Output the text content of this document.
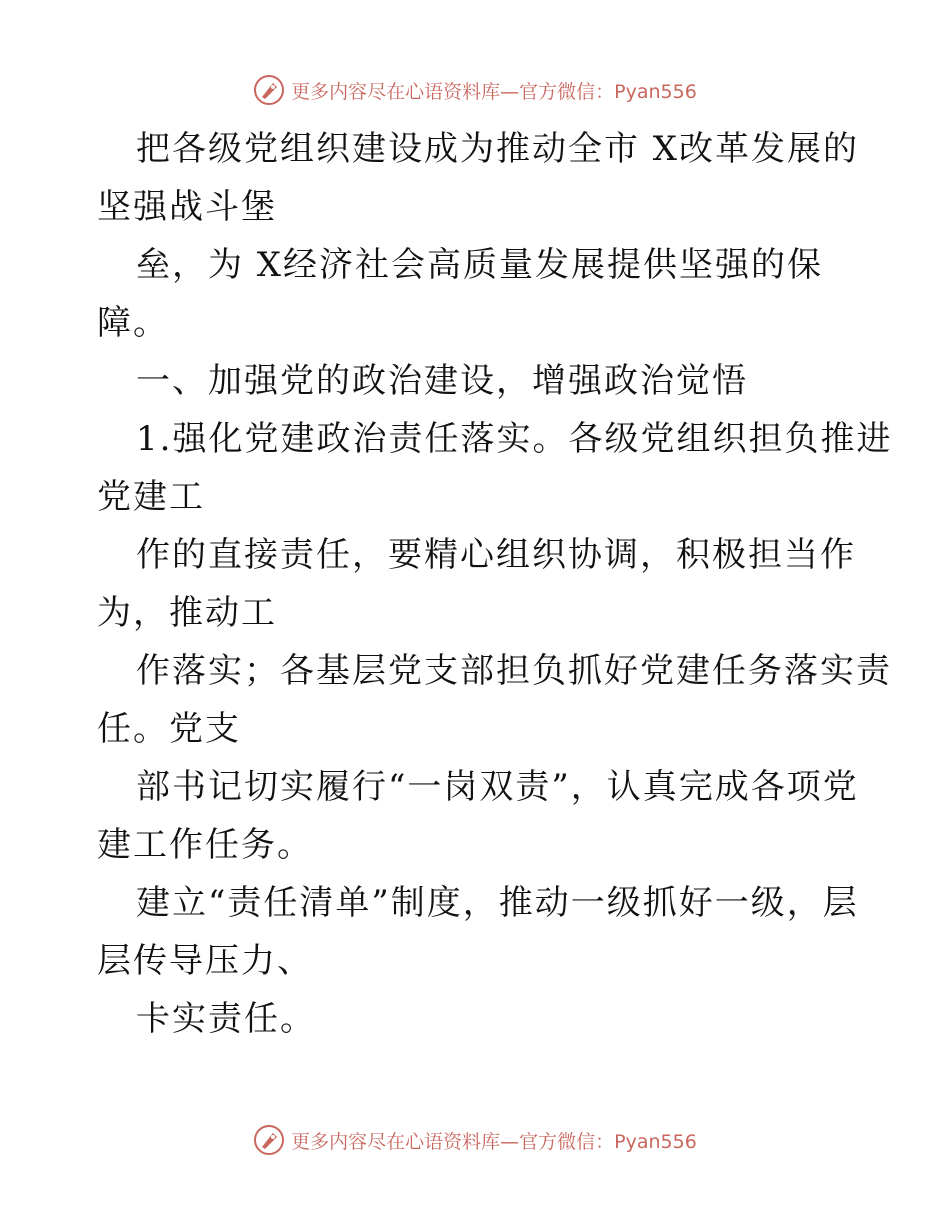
更多内容尽在心语资料库—官方微信：Pyan556
把各级党组织建设成为推动全市 X改革发展的
坚强战斗堡
垒，为 X经济社会高质量发展提供坚强的保
障。
一、加强党的政治建设，增强政治觉悟
1.强化党建政治责任落实。各级党组织担负推进
党建工
作的直接责任，要精心组织协调，积极担当作
为，推动工
作落实；各基层党支部担负抓好党建任务落实责
任。党支
部书记切实履行“一岗双责”，认真完成各项党
建工作任务。
建立“责任清单”制度，推动一级抓好一级，层
层传导压力、
卡实责任。
更多内容尽在心语资料库—官方微信：Pyan556
